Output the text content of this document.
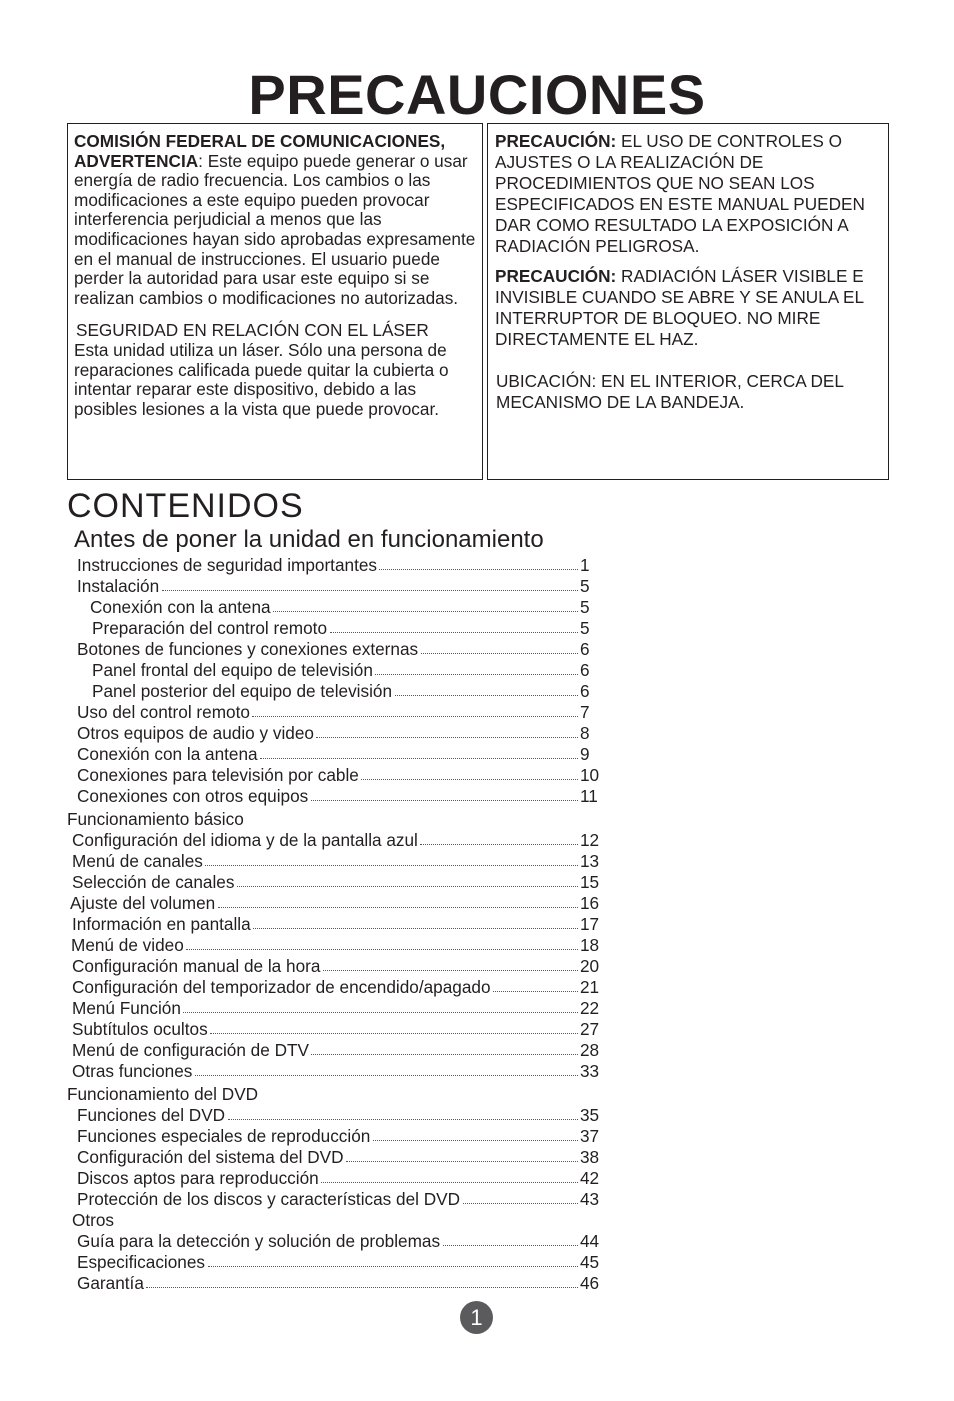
PRECAUCIONES

COMISIÓN FEDERAL DE COMUNICACIONES, ADVERTENCIA: Este equipo puede generar o usar energía de radio frecuencia. Los cambios o las modificaciones a este equipo pueden provocar interferencia perjudicial a menos que las modificaciones hayan sido aprobadas expresamente en el manual de instrucciones. El usuario puede perder la autoridad para usar este equipo si se realizan cambios o modificaciones no autorizadas.

SEGURIDAD EN RELACIÓN CON EL LÁSER

Esta unidad utiliza un láser. Sólo una persona de reparaciones calificada puede quitar la cubierta o intentar reparar este dispositivo, debido a las posibles lesiones a la vista que puede provocar.

PRECAUCIÓN: EL USO DE CONTROLES O AJUSTES O LA REALIZACIÓN DE PROCEDIMIENTOS QUE NO SEAN LOS ESPECIFICADOS EN ESTE MANUAL PUEDEN DAR COMO RESULTADO LA EXPOSICIÓN A RADIACIÓN PELIGROSA.

PRECAUCIÓN: RADIACIÓN LÁSER VISIBLE E INVISIBLE CUANDO SE ABRE Y SE ANULA EL INTERRUPTOR DE BLOQUEO. NO MIRE DIRECTAMENTE EL HAZ.

UBICACIÓN: EN EL INTERIOR, CERCA DEL MECANISMO DE LA BANDEJA.

CONTENIDOS
Antes de poner la unidad en funcionamiento
Funcionamiento básico
Funcionamiento del DVD
Otros
Instrucciones de seguridad importantes	1
Instalación	5
Conexión con la antena	5
Preparación del control remoto	5
Botones de funciones y conexiones externas	6
Panel frontal del equipo de televisión	6
Panel posterior del equipo de televisión	6
Uso del control remoto	7
Otros equipos de audio y video	8
Conexión con la antena	9
Conexiones para televisión por cable	10
Conexiones con otros equipos	11
Configuración del idioma y de la pantalla azul	12
Menú de canales	13
Selección de canales	15
Ajuste del volumen	16
Información en pantalla	17
Menú de video	18
Configuración manual de la hora	20
Configuración del temporizador de encendido/apagado	21
Menú Función	22
Subtítulos ocultos	27
Menú de configuración de DTV	28
Otras funciones	33
Funciones del DVD	35
Funciones especiales de reproducción	37
Configuración del sistema del DVD	38
Discos aptos para reproducción	42
Protección de los discos y características del DVD	43
Guía para la detección y solución de problemas	44
Especificaciones	45
Garantía	46
1
